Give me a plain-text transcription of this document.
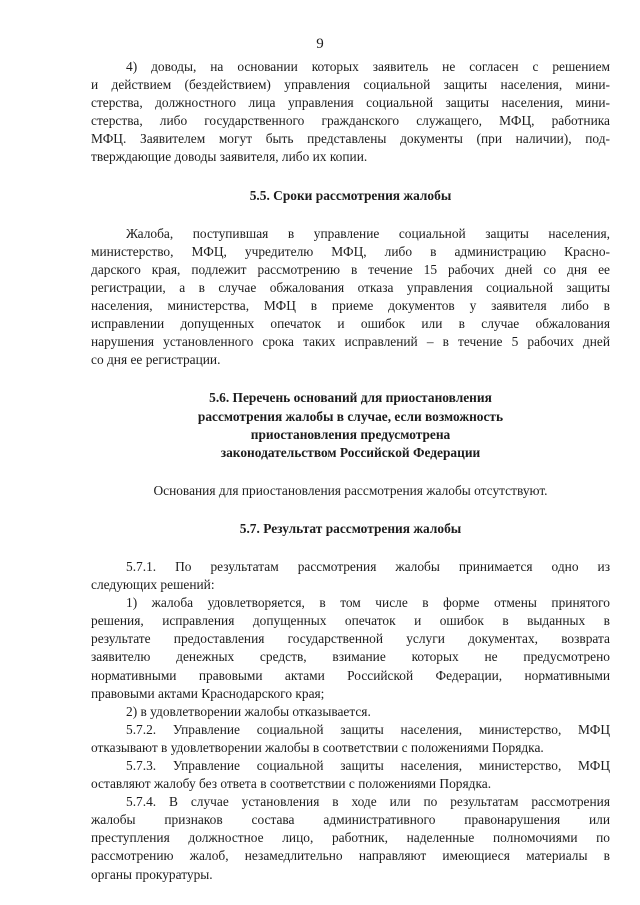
9
4) доводы, на основании которых заявитель не согласен с решением
и действием (бездействием) управления социальной защиты населения, мини-
стерства, должностного лица управления социальной защиты населения, мини-
стерства, либо государственного гражданского служащего, МФЦ, работника
МФЦ. Заявителем могут быть представлены документы (при наличии), под-
тверждающие доводы заявителя, либо их копии.
5.5. Сроки рассмотрения жалобы
Жалоба, поступившая в управление социальной защиты населения,
министерство, МФЦ, учредителю МФЦ, либо в администрацию Красно-
дарского края, подлежит рассмотрению в течение 15 рабочих дней со дня ее
регистрации, а в случае обжалования отказа управления социальной защиты
населения, министерства, МФЦ в приеме документов у заявителя либо в
исправлении допущенных опечаток и ошибок или в случае обжалования
нарушения установленного срока таких исправлений – в течение 5 рабочих дней
со дня ее регистрации.
5.6. Перечень оснований для приостановления
рассмотрения жалобы в случае, если возможность
приостановления предусмотрена
законодательством Российской Федерации
Основания для приостановления рассмотрения жалобы отсутствуют.
5.7. Результат рассмотрения жалобы
5.7.1. По результатам рассмотрения жалобы принимается одно из
следующих решений:
1) жалоба удовлетворяется, в том числе в форме отмены принятого
решения, исправления допущенных опечаток и ошибок в выданных в
результате предоставления государственной услуги документах, возврата
заявителю денежных средств, взимание которых не предусмотрено
нормативными правовыми актами Российской Федерации, нормативными
правовыми актами Краснодарского края;
2) в удовлетворении жалобы отказывается.
5.7.2. Управление социальной защиты населения, министерство, МФЦ
отказывают в удовлетворении жалобы в соответствии с положениями Порядка.
5.7.3. Управление социальной защиты населения, министерство, МФЦ
оставляют жалобу без ответа в соответствии с положениями Порядка.
5.7.4. В случае установления в ходе или по результатам рассмотрения
жалобы признаков состава административного правонарушения или
преступления должностное лицо, работник, наделенные полномочиями по
рассмотрению жалоб, незамедлительно направляют имеющиеся материалы в
органы прокуратуры.
